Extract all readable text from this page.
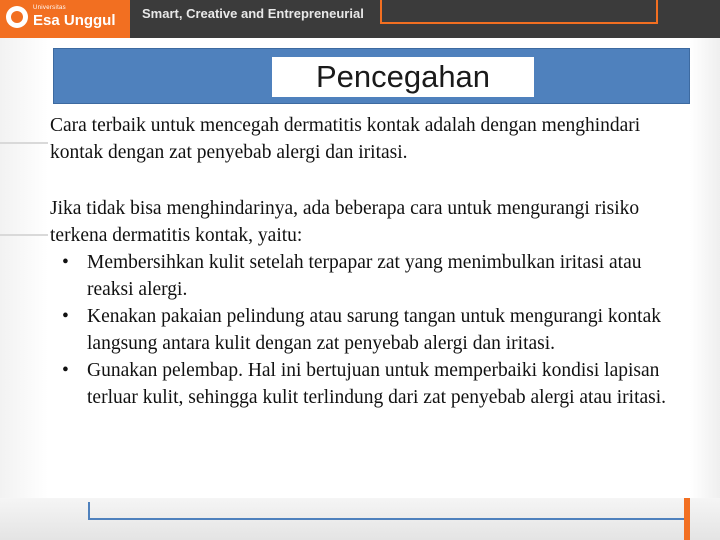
Universitas
Esa Unggul Smart, Creative and Entrepreneurial
Pencegahan

Cara terbaik untuk mencegah dermatitis kontak adalah dengan menghindari kontak dengan zat penyebab alergi dan iritasi.

Jika tidak bisa menghindarinya, ada beberapa cara untuk mengurangi risiko terkena dermatitis kontak, yaitu:

• Membersihkan kulit setelah terpapar zat yang menimbulkan iritasi atau reaksi alergi.
• Kenakan pakaian pelindung atau sarung tangan untuk mengurangi kontak langsung antara kulit dengan zat penyebab alergi dan iritasi.
• Gunakan pelembap. Hal ini bertujuan untuk memperbaiki kondisi lapisan terluar kulit, sehingga kulit terlindung dari zat penyebab alergi atau iritasi.
